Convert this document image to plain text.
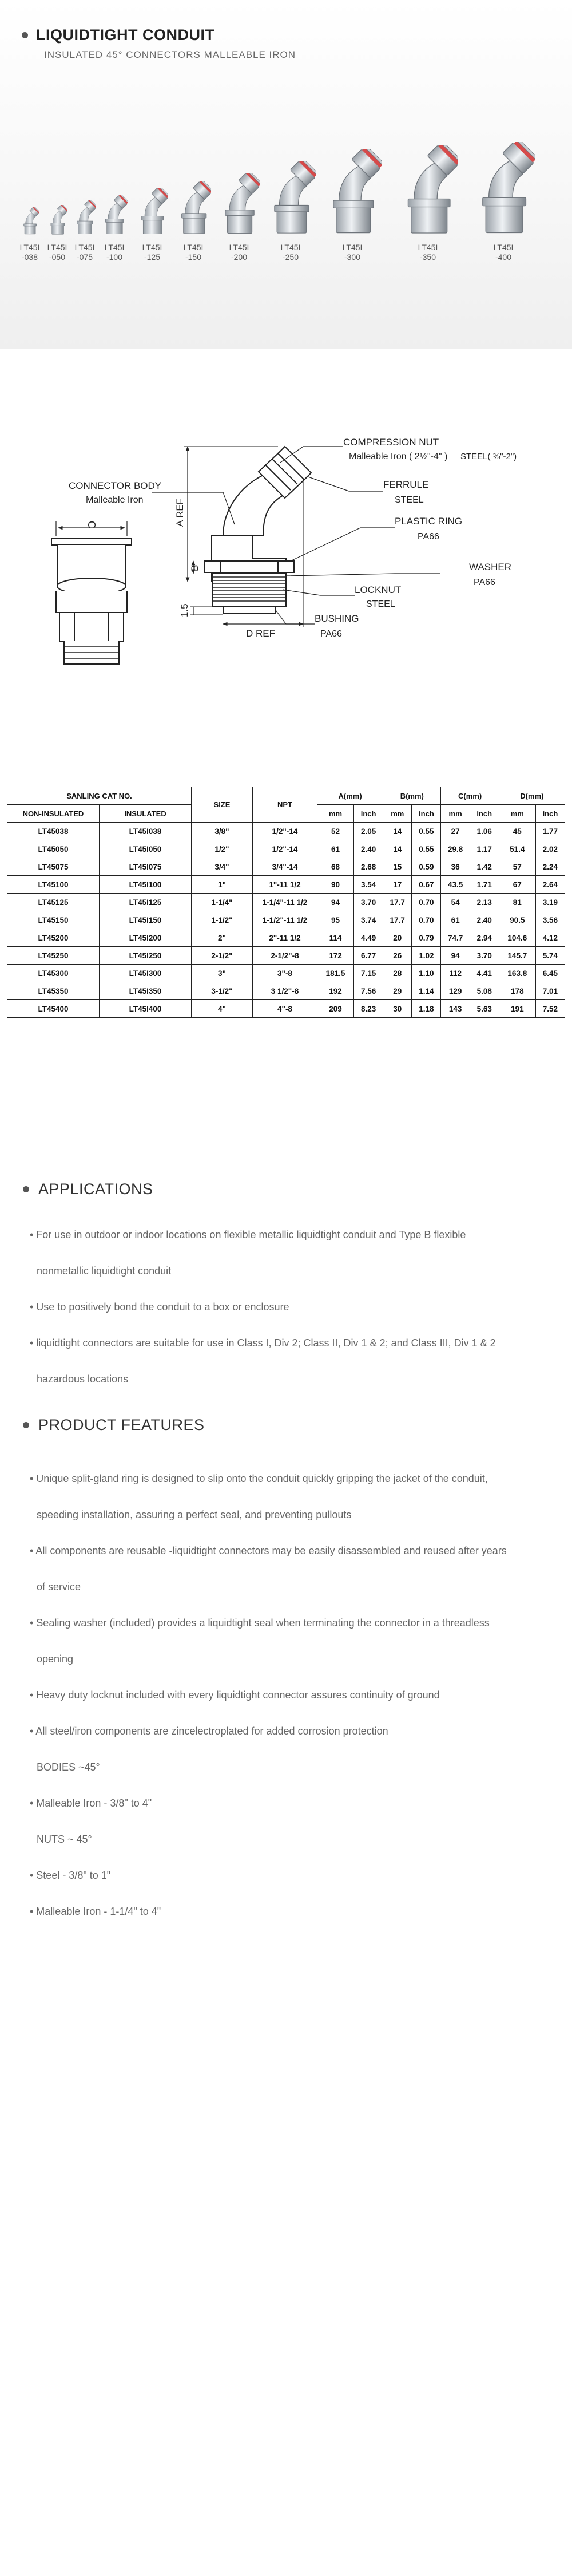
LIQUIDTIGHT CONDUIT
INSULATED 45° CONNECTORS MALLEABLE IRON
LT45I
-038
LT45I
-050
LT45I
-075
LT45I
-100
LT45I
-125
LT45I
-150
LT45I
-200
LT45I
-250
LT45I
-300
LT45I
-350
LT45I
-400
COMPRESSION NUT
Malleable Iron ( 2½"-4" ) STEEL( ⅜"-2")
CONNECTOR BODY
Malleable Iron
FERRULE
STEEL
PLASTIC RING
PA66
WASHER
PA66
LOCKNUT
STEEL
BUSHING
PA66
A REF
B
1.5
D REF
C
SANLING CAT NO.		SIZE	NPT	A(mm)		B(mm)		C(mm)		D(mm)	
NON-INSULATED	INSULATED			mm	inch	mm	inch	mm	inch	mm	inch
LT45038	LT45I038	3/8"	1/2"-14	52	2.05	14	0.55	27	1.06	45	1.77
LT45050	LT45I050	1/2"	1/2"-14	61	2.40	14	0.55	29.8	1.17	51.4	2.02
LT45075	LT45I075	3/4"	3/4"-14	68	2.68	15	0.59	36	1.42	57	2.24
LT45100	LT45I100	1"	1"-11 1/2	90	3.54	17	0.67	43.5	1.71	67	2.64
LT45125	LT45I125	1-1/4"	1-1/4"-11 1/2	94	3.70	17.7	0.70	54	2.13	81	3.19
LT45150	LT45I150	1-1/2"	1-1/2"-11 1/2	95	3.74	17.7	0.70	61	2.40	90.5	3.56
LT45200	LT45I200	2"	2"-11 1/2	114	4.49	20	0.79	74.7	2.94	104.6	4.12
LT45250	LT45I250	2-1/2"	2-1/2"-8	172	6.77	26	1.02	94	3.70	145.7	5.74
LT45300	LT45I300	3"	3"-8	181.5	7.15	28	1.10	112	4.41	163.8	6.45
LT45350	LT45I350	3-1/2"	3 1/2"-8	192	7.56	29	1.14	129	5.08	178	7.01
LT45400	LT45I400	4"	4"-8	209	8.23	30	1.18	143	5.63	191	7.52
APPLICATIONS

• For use in outdoor or indoor locations on flexible metallic liquidtight conduit and Type B flexible

nonmetallic liquidtight conduit

• Use to positively bond the conduit to a box or enclosure

• liquidtight connectors are suitable for use in Class I, Div 2; Class II, Div 1 & 2; and Class III, Div 1 & 2

hazardous locations

PRODUCT FEATURES

• Unique split-gland ring is designed to slip onto the conduit quickly gripping the jacket of the conduit,

speeding installation, assuring a perfect seal, and preventing pullouts

• All components are reusable -liquidtight connectors may be easily disassembled and reused after years

of service

• Sealing washer (included) provides a liquidtight seal when terminating the connector in a threadless

opening

• Heavy duty locknut included with every liquidtight connector assures continuity of ground

• All steel/iron components are zincelectroplated for added corrosion protection

BODIES ~45°

• Malleable Iron - 3/8" to 4"

NUTS ~ 45°

• Steel - 3/8" to 1"

• Malleable Iron - 1-1/4" to 4"
